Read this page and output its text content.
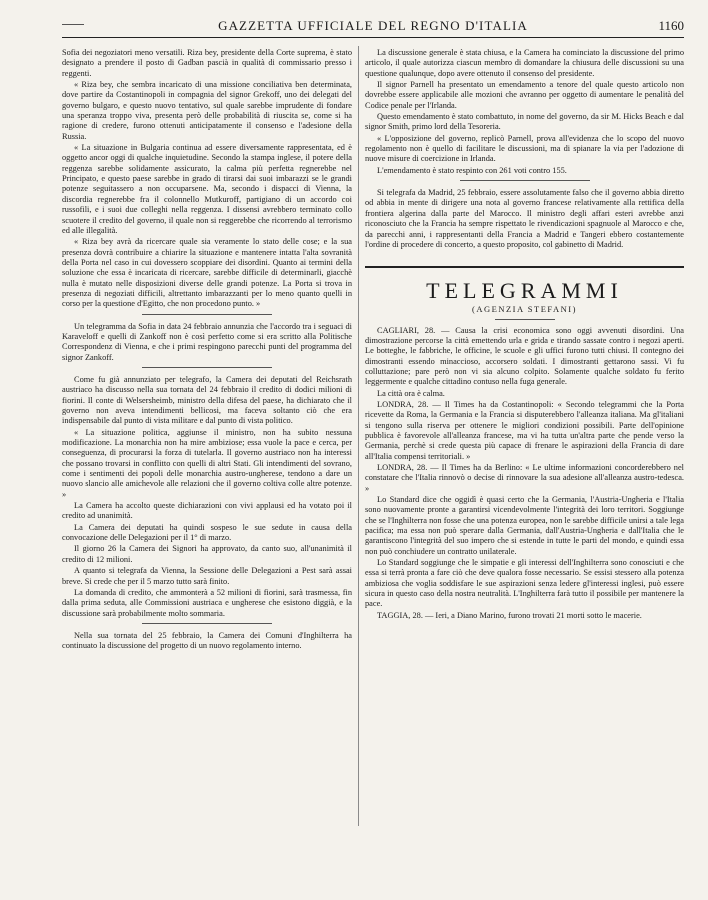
GAZZETTA UFFICIALE DEL REGNO D'ITALIA	1160

Sofia dei negoziatori meno versatili. Riza bey, presidente della Corte suprema, è stato designato a prendere il posto di Gadban pascià in qualità di commissario presso i reggenti.

« Riza bey, che sembra incaricato di una missione conciliativa ben determinata, dove partire da Costantinopoli in compagnia del signor Grekoff, uno dei delegati del governo bulgaro, e questo nuovo tentativo, sul quale sarebbe imprudente di fondare una speranza troppo viva, presenta però delle probabilità di riuscita se, come si ha ragione di credere, furono ottenuti anticipatamente il consenso e l'adesione della Russia.

« La situazione in Bulgaria continua ad essere diversamente rappresentata, ed è oggetto ancor oggi di qualche inquietudine. Secondo la stampa inglese, il potere della reggenza sarebbe solidamente assicurato, la calma più perfetta regnerebbe nel Principato, e questo paese sarebbe in grado di tirarsi dai suoi imbarazzi se le grandi potenze seguitassero a non occuparsene. Ma, secondo i dispacci di Vienna, la discordia regnerebbe fra il colonnello Mutkuroff, partigiano di un accordo coi russofili, e i suoi due colleghi nella reggenza. I dissensi avrebbero terminato collo scuotere il credito del governo, il quale non si reggerebbe che ricorrendo al terrorismo ed alle illegalità.

« Riza bey avrà da ricercare quale sia veramente lo stato delle cose; e la sua presenza dovrà contribuire a chiarire la situazione e mantenere intatta l'alta sovranità della Porta nel caso in cui dovessero scoppiare dei disordini. Quanto ai termini della soluzione che essa è incaricata di ricercare, sarebbe difficile di determinarli, giacchè nulla è mutato nelle disposizioni diverse delle grandi potenze. La Porta si trova in presenza di negoziati difficili, altrettanto imbarazzanti per lo meno quanto quelli in corso per la questione d'Egitto, che non procedono punto. »

Un telegramma da Sofia in data 24 febbraio annunzia che l'accordo tra i seguaci di Karaveloff e quelli di Zankoff non è così perfetto come si era scritto alla Politische Correspondenz di Vienna, e che i primi respingono parecchi punti del programma del signor Zankoff.

Come fu già annunziato per telegrafo, la Camera dei deputati del Reichsrath austriaco ha discusso nella sua tornata del 24 febbraio il credito di dodici milioni di fiorini. Il conte di Welsersheimb, ministro della difesa del paese, ha dichiarato che il governo non aveva intendimenti bellicosi, ma faceva soltanto ciò che era indispensabile dal punto di vista militare e dal punto di vista politico.

« La situazione politica, aggiunse il ministro, non ha subito nessuna modificazione. La monarchia non ha mire ambiziose; essa vuole la pace e cerca, per conseguenza, di procurarsi la forza di tutelarla. Il governo austriaco non ha interessi che possano trovarsi in conflitto con quelli di altri Stati. Gli intendimenti del sovrano, come i sentimenti dei popoli delle monarchia austro-ungherese, tendono a dare un nuovo slancio alle amichevole alle relazioni che il governo coltiva colle altre potenze. »

La Camera ha accolto queste dichiarazioni con vivi applausi ed ha votato poi il credito ad unanimità.

La Camera dei deputati ha quindi sospeso le sue sedute in causa della convocazione delle Delegazioni per il 1° di marzo.

Il giorno 26 la Camera dei Signori ha approvato, da canto suo, all'unanimità il credito di 12 milioni.

A quanto si telegrafa da Vienna, la Sessione delle Delegazioni a Pest sarà assai breve. Si crede che per il 5 marzo tutto sarà finito.

La domanda di credito, che ammonterà a 52 milioni di fiorini, sarà trasmessa, fin dalla prima seduta, alle Commissioni austriaca e ungherese che esistono diggià, e la discussione sarà probabilmente molto sommaria.

Nella sua tornata del 25 febbraio, la Camera dei Comuni d'Inghilterra ha continuato la discussione del progetto di un nuovo regolamento interno.

La discussione generale è stata chiusa, e la Camera ha cominciato la discussione del primo articolo, il quale autorizza ciascun membro di domandare la chiusura delle discussioni su una questione qualunque, dopo avere ottenuto il consenso del presidente.

Il signor Parnell ha presentato un emendamento a tenore del quale questo articolo non dovrebbe essere applicabile alle mozioni che avranno per oggetto di aumentare le penalità del Codice penale per l'Irlanda.

Questo emendamento è stato combattuto, in nome del governo, da sir M. Hicks Beach e dal signor Smith, primo lord della Tesoreria.

« L'opposizione del governo, replicò Parnell, prova all'evidenza che lo scopo del nuovo regolamento non è quello di facilitare le discussioni, ma di spianare la via per l'adozione di nuove misure di coercizione in Irlanda.

L'emendamento è stato respinto con 261 voti contro 155.

Si telegrafa da Madrid, 25 febbraio, essere assolutamente falso che il governo abbia diretto od abbia in mente di dirigere una nota al governo francese relativamente alla rettifica della frontiera algerina dalla parte del Marocco. Il ministro degli affari esteri avrebbe anzi riconosciuto che la Francia ha sempre rispettato le rivendicazioni spagnuole al Marocco e che, da parecchi anni, i rappresentanti della Francia a Madrid e Tangeri ebbero costantemente l'ordine di procedere di concerto, a questo proposito, col gabinetto di Madrid.

TELEGRAMMI
(AGENZIA STEFANI)

CAGLIARI, 28. — Causa la crisi economica sono oggi avvenuti disordini. Una dimostrazione percorse la città emettendo urla e grida e tirando sassate contro i negozi aperti. Le botteghe, le fabbriche, le officine, le scuole e gli uffici furono tutti chiusi. Il contegno dei dimostranti essendo minaccioso, accorsero soldati. I dimostranti gettarono sassi. Vi fu colluttazione; pare però non vi sia alcuno colpito. Solamente qualche soldato fu ferito leggermente e qualche cittadino contuso nella fuga generale.

La città ora è calma.

LONDRA, 28. — Il Times ha da Costantinopoli: « Secondo telegrammi che la Porta ricevette da Roma, la Germania e la Francia si disputerebbero l'alleanza italiana. Ma gl'italiani si tengono sulla riserva per ottenere le migliori condizioni possibili. Parte dell'opinione pubblica è favorevole all'alleanza francese, ma vi ha tutta un'altra parte che pende verso la Germania, perchè si crede questa più capace di frenare le aspirazioni della Francia di dare all'Italia compensi territoriali. »

LONDRA, 28. — Il Times ha da Berlino: « Le ultime informazioni concorderebbero nel constatare che l'Italia rinnovò o decise di rinnovare la sua adesione all'alleanza austro-tedesca. »

Lo Standard dice che oggidì è quasi certo che la Germania, l'Austria-Ungheria e l'Italia sono nuovamente pronte a garantirsi vicendevolmente l'integrità dei loro territori. Soggiunge che se l'Inghilterra non fosse che una potenza europea, non le sarebbe difficile unirsi a tale lega pacifica; ma essa non può sperare dalla Germania, dall'Austria-Ungheria e dall'Italia che le garantiscono l'integrità del suo impero che si estende in tutte le parti del mondo, e quindi essa non può conchiudere un contratto unilaterale.

Lo Standard soggiunge che le simpatie e gli interessi dell'Inghilterra sono conosciuti e che essa si terrà pronta a fare ciò che deve qualora fosse necessario. Se essisi stessero alla potenza ambiziosa che voglia soddisfare le sue aspirazioni senza ledere gl'interessi inglesi, può essere sicura in questo caso della nostra neutralità. L'Inghilterra farà tutto il possibile per mantenere la pace.

TAGGIA, 28. — Ieri, a Diano Marino, furono trovati 21 morti sotto le macerie.
